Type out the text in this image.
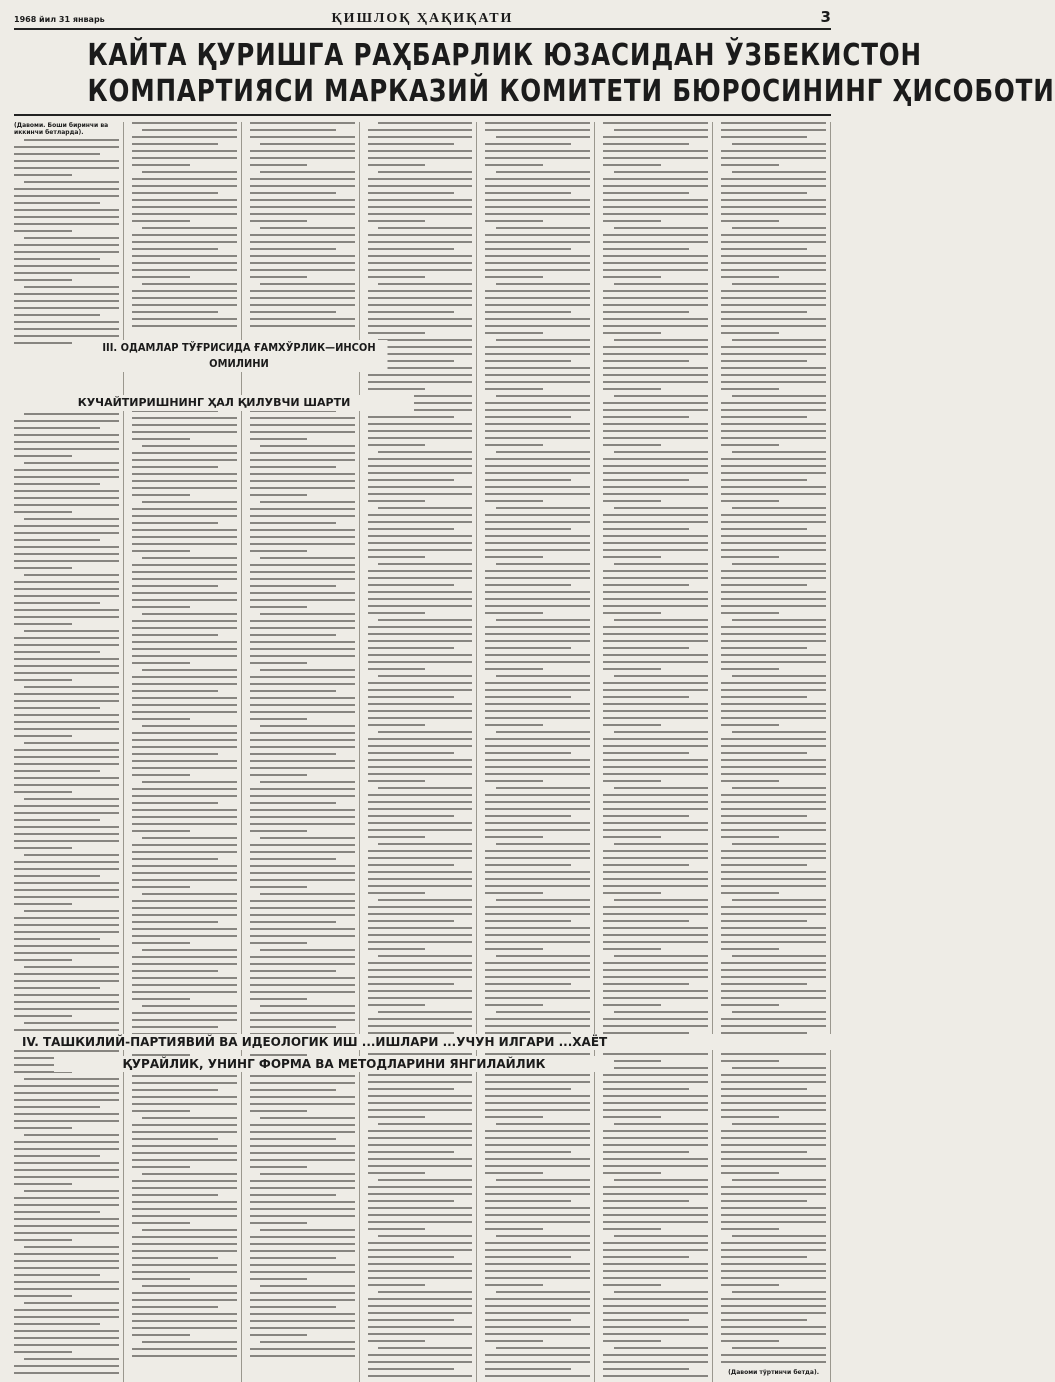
1968 йил 31 январь	ҚИШЛОҚ ҲАҚИҚАТИ	3
КАЙТА ҚУРИШГА РАҲБАРЛИК ЮЗАСИДАН ЎЗБЕКИСТОН
КОМПАРТИЯСИ МАРКАЗИЙ КОМИТЕТИ БЮРОСИНИНГ ҲИСОБОТИ
(Давоми. Боши биринчи ва иккинчи бетларда).
(Давоми тўртинчи бетда).
III. ОДАМЛАР ТЎҒРИСИДА ҒАМХЎРЛИК—ИНСОН ОМИЛИНИ
КУЧАЙТИРИШНИНГ ҲАЛ ҚИЛУВЧИ ШАРТИ
IV. ТАШКИЛИЙ-ПАРТИЯВИЙ ВА ИДЕОЛОГИК ИШ ...ИШЛАРИ ...УЧУН ИЛГАРИ ...ХАЁТ
ҚУРАЙЛИК, УНИНГ ФОРМА ВА МЕТОДЛАРИНИ ЯНГИЛАЙЛИК
